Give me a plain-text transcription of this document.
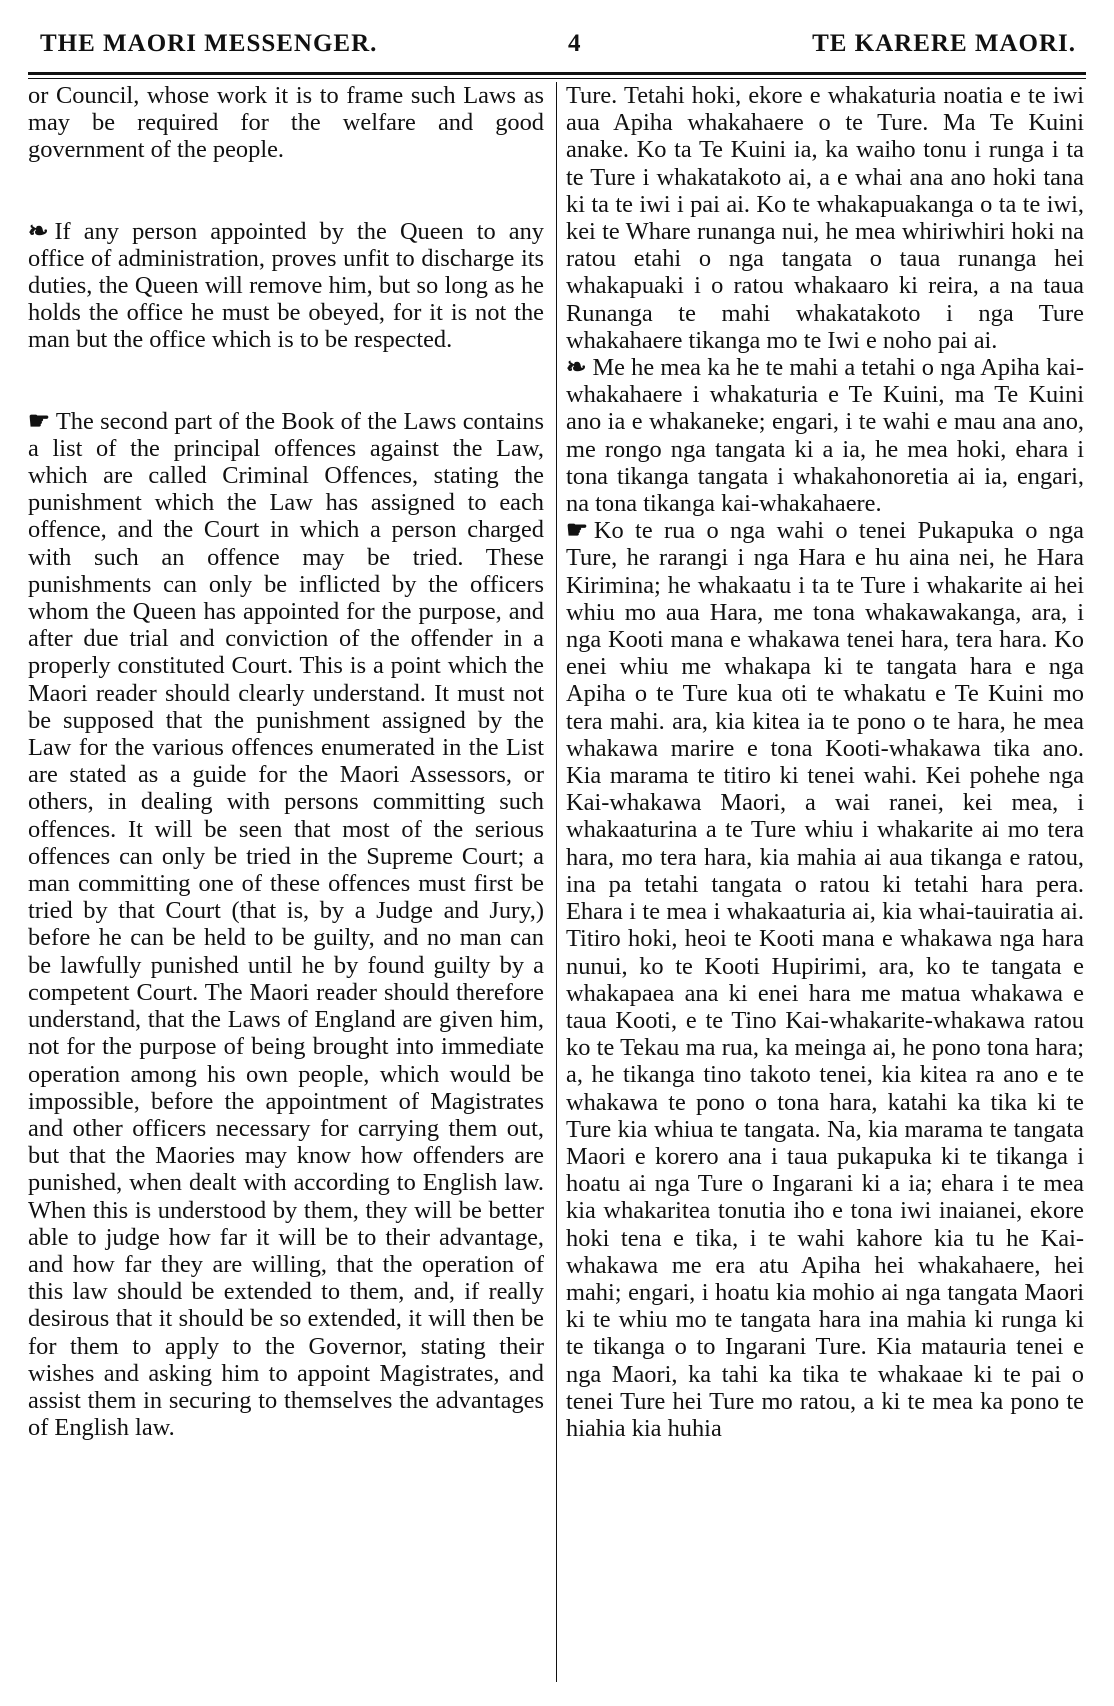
THE MAORI MESSENGER.	4	TE KARERE MAORI.

or Council, whose work it is to frame such Laws as may be required for the welfare and good government of the people.

❧ If any person appointed by the Queen to any office of administration, proves unfit to discharge its duties, the Queen will remove him, but so long as he holds the office he must be obeyed, for it is not the man but the office which is to be respected.

☛ The second part of the Book of the Laws contains a list of the principal offences against the Law, which are called Criminal Offences, stating the punishment which the Law has assigned to each offence, and the Court in which a person charged with such an offence may be tried. These punishments can only be inflicted by the officers whom the Queen has appointed for the purpose, and after due trial and conviction of the offender in a properly constituted Court. This is a point which the Maori reader should clearly understand. It must not be supposed that the punishment assigned by the Law for the various offences enumerated in the List are stated as a guide for the Maori Assessors, or others, in dealing with persons committing such offences. It will be seen that most of the serious offences can only be tried in the Supreme Court; a man committing one of these offences must first be tried by that Court (that is, by a Judge and Jury,) before he can be held to be guilty, and no man can be lawfully punished until he by found guilty by a competent Court. The Maori reader should therefore understand, that the Laws of England are given him, not for the purpose of being brought into immediate operation among his own people, which would be impossible, before the appointment of Magistrates and other officers necessary for carrying them out, but that the Maories may know how offenders are punished, when dealt with according to English law. When this is understood by them, they will be better able to judge how far it will be to their advantage, and how far they are willing, that the operation of this law should be extended to them, and, if really desirous that it should be so extended, it will then be for them to apply to the Governor, stating their wishes and asking him to appoint Magistrates, and assist them in securing to themselves the advantages of English law.

Ture. Tetahi hoki, ekore e whakaturia noatia e te iwi aua Apiha whakahaere o te Ture. Ma Te Kuini anake. Ko ta Te Kuini ia, ka waiho tonu i runga i ta te Ture i whakatakoto ai, a e whai ana ano hoki tana ki ta te iwi i pai ai. Ko te whakapuakanga o ta te iwi, kei te Whare runanga nui, he mea whiriwhiri hoki na ratou etahi o nga tangata o taua runanga hei whakapuaki i o ratou whakaaro ki reira, a na taua Runanga te mahi whakatakoto i nga Ture whakahaere tikanga mo te Iwi e noho pai ai.

❧ Me he mea ka he te mahi a tetahi o nga Apiha kai-whakahaere i whakaturia e Te Kuini, ma Te Kuini ano ia e whakaneke; engari, i te wahi e mau ana ano, me rongo nga tangata ki a ia, he mea hoki, ehara i tona tikanga tangata i whakahonoretia ai ia, engari, na tona tikanga kai-whakahaere.

☛ Ko te rua o nga wahi o tenei Pukapuka o nga Ture, he rarangi i nga Hara e hu aina nei, he Hara Kirimina; he whakaatu i ta te Ture i whakarite ai hei whiu mo aua Hara, me tona whakawakanga, ara, i nga Kooti mana e whakawa tenei hara, tera hara. Ko enei whiu me whakapa ki te tangata hara e nga Apiha o te Ture kua oti te whakatu e Te Kuini mo tera mahi. ara, kia kitea ia te pono o te hara, he mea whakawa marire e tona Kooti-whakawa tika ano. Kia marama te titiro ki tenei wahi. Kei pohehe nga Kai-whakawa Maori, a wai ranei, kei mea, i whakaaturina a te Ture whiu i whakarite ai mo tera hara, mo tera hara, kia mahia ai aua tikanga e ratou, ina pa tetahi tangata o ratou ki tetahi hara pera. Ehara i te mea i whakaaturia ai, kia whai-tauiratia ai. Titiro hoki, heoi te Kooti mana e whakawa nga hara nunui, ko te Kooti Hupirimi, ara, ko te tangata e whakapaea ana ki enei hara me matua whakawa e taua Kooti, e te Tino Kai-whakarite-whakawa ratou ko te Tekau ma rua, ka meinga ai, he pono tona hara; a, he tikanga tino takoto tenei, kia kitea ra ano e te whakawa te pono o tona hara, katahi ka tika ki te Ture kia whiua te tangata. Na, kia marama te tangata Maori e korero ana i taua pukapuka ki te tikanga i hoatu ai nga Ture o Ingarani ki a ia; ehara i te mea kia whakaritea tonutia iho e tona iwi inaianei, ekore hoki tena e tika, i te wahi kahore kia tu he Kai-whakawa me era atu Apiha hei whakahaere, hei mahi; engari, i hoatu kia mohio ai nga tangata Maori ki te whiu mo te tangata hara ina mahia ki runga ki te tikanga o to Ingarani Ture. Kia matauria tenei e nga Maori, ka tahi ka tika te whakaae ki te pai o tenei Ture hei Ture mo ratou, a ki te mea ka pono te hiahia kia huhia
